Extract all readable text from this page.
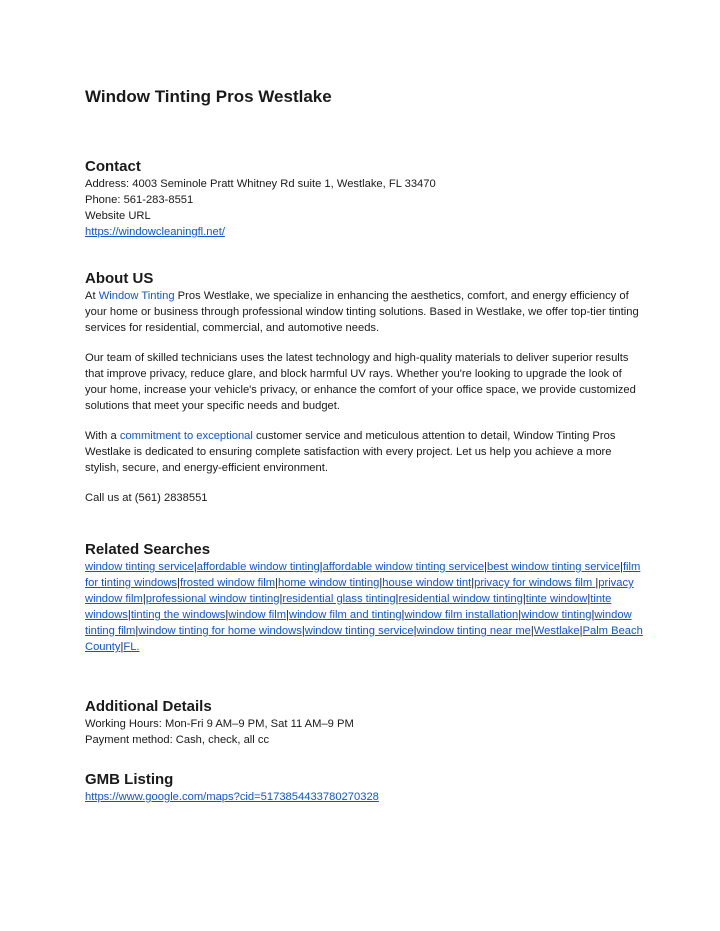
Window Tinting Pros Westlake
Contact
Address: 4003 Seminole Pratt Whitney Rd suite 1, Westlake, FL 33470
Phone: 561-283-8551
Website URL
https://windowcleaningfl.net/
About US

At Window Tinting Pros Westlake, we specialize in enhancing the aesthetics, comfort, and energy efficiency of your home or business through professional window tinting solutions. Based in Westlake, we offer top-tier tinting services for residential, commercial, and automotive needs.

Our team of skilled technicians uses the latest technology and high-quality materials to deliver superior results that improve privacy, reduce glare, and block harmful UV rays. Whether you're looking to upgrade the look of your home, increase your vehicle's privacy, or enhance the comfort of your office space, we provide customized solutions that meet your specific needs and budget.

With a commitment to exceptional customer service and meticulous attention to detail, Window Tinting Pros Westlake is dedicated to ensuring complete satisfaction with every project. Let us help you achieve a more stylish, secure, and energy-efficient environment.

Call us at (561) 2838551

Related Searches
window tinting service|affordable window tinting|affordable window tinting service|best window tinting service|film for tinting windows|frosted window film|home window tinting|house window tint|privacy for windows film |privacy window film|professional window tinting|residential glass tinting|residential window tinting|tinte window|tinte windows|tinting the windows|window film|window film and tinting|window film installation|window tinting|window tinting film|window tinting for home windows|window tinting service|window tinting near me|Westlake|Palm Beach County|FL.
Additional Details
Working Hours: Mon-Fri 9 AM–9 PM, Sat 11 AM–9 PM
Payment method: Cash, check, all cc
GMB Listing
https://www.google.com/maps?cid=5173854433780270328
